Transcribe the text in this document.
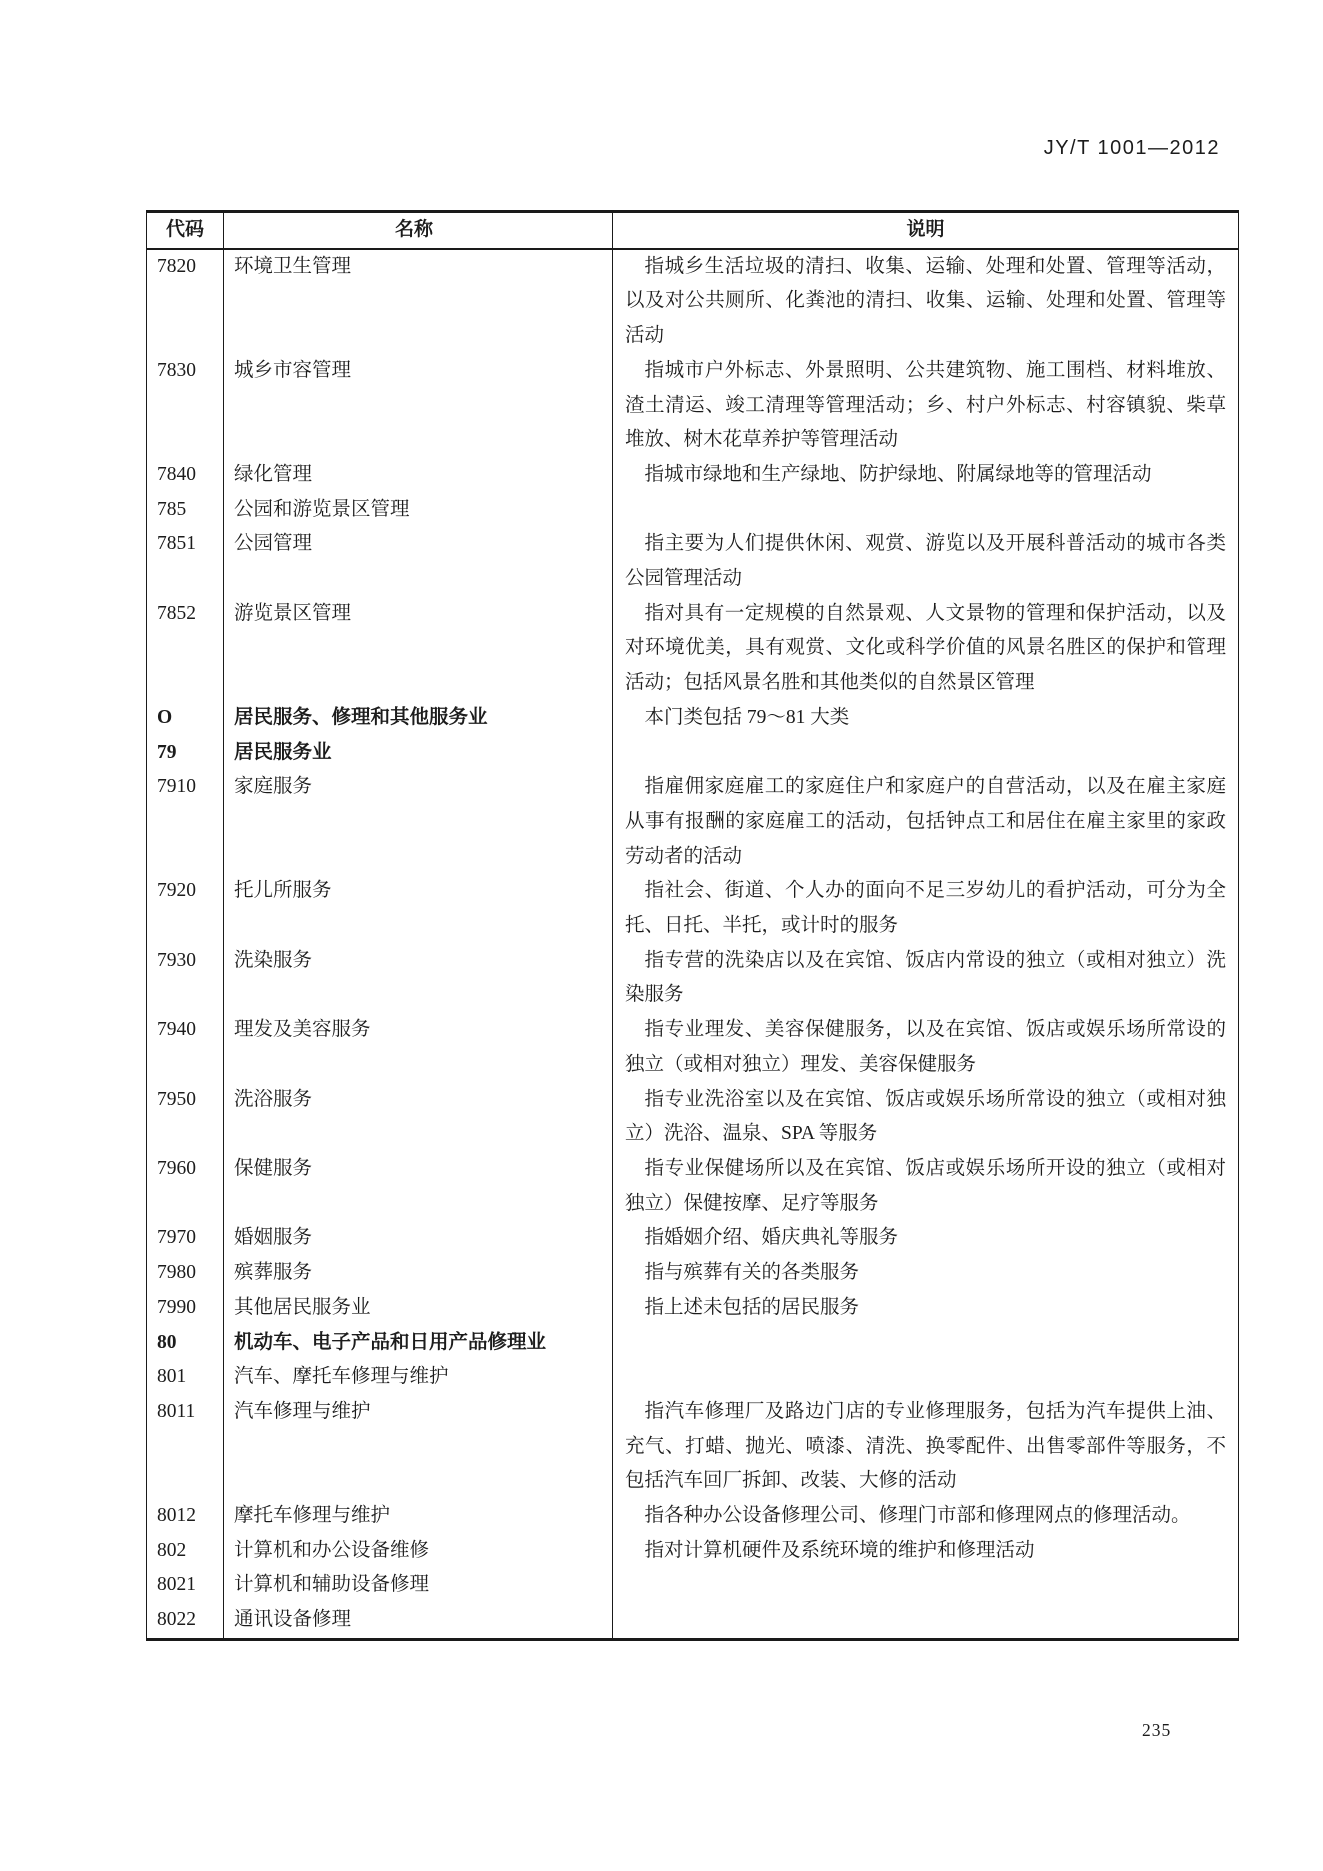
JY/T 1001—2012
代码	名称	说明
7820	环境卫生管理	指城乡生活垃圾的清扫、收集、运输、处理和处置、管理等活动，以及对公共厕所、化粪池的清扫、收集、运输、处理和处置、管理等活动
7830	城乡市容管理	指城市户外标志、外景照明、公共建筑物、施工围档、材料堆放、渣土清运、竣工清理等管理活动；乡、村户外标志、村容镇貌、柴草堆放、树木花草养护等管理活动
7840	绿化管理	指城市绿地和生产绿地、防护绿地、附属绿地等的管理活动
785	公园和游览景区管理
7851	公园管理	指主要为人们提供休闲、观赏、游览以及开展科普活动的城市各类公园管理活动
7852	游览景区管理	指对具有一定规模的自然景观、人文景物的管理和保护活动，以及对环境优美，具有观赏、文化或科学价值的风景名胜区的保护和管理活动；包括风景名胜和其他类似的自然景区管理
O	居民服务、修理和其他服务业	本门类包括 79～81 大类
79	居民服务业
7910	家庭服务	指雇佣家庭雇工的家庭住户和家庭户的自营活动，以及在雇主家庭从事有报酬的家庭雇工的活动，包括钟点工和居住在雇主家里的家政劳动者的活动
7920	托儿所服务	指社会、街道、个人办的面向不足三岁幼儿的看护活动，可分为全托、日托、半托，或计时的服务
7930	洗染服务	指专营的洗染店以及在宾馆、饭店内常设的独立（或相对独立）洗染服务
7940	理发及美容服务	指专业理发、美容保健服务，以及在宾馆、饭店或娱乐场所常设的独立（或相对独立）理发、美容保健服务
7950	洗浴服务	指专业洗浴室以及在宾馆、饭店或娱乐场所常设的独立（或相对独立）洗浴、温泉、SPA 等服务
7960	保健服务	指专业保健场所以及在宾馆、饭店或娱乐场所开设的独立（或相对独立）保健按摩、足疗等服务
7970	婚姻服务	指婚姻介绍、婚庆典礼等服务
7980	殡葬服务	指与殡葬有关的各类服务
7990	其他居民服务业	指上述未包括的居民服务
80	机动车、电子产品和日用产品修理业
801	汽车、摩托车修理与维护
8011	汽车修理与维护	指汽车修理厂及路边门店的专业修理服务，包括为汽车提供上油、充气、打蜡、抛光、喷漆、清洗、换零配件、出售零部件等服务，不包括汽车回厂拆卸、改装、大修的活动
8012	摩托车修理与维护	指各种办公设备修理公司、修理门市部和修理网点的修理活动。
802	计算机和办公设备维修	指对计算机硬件及系统环境的维护和修理活动
8021	计算机和辅助设备修理
8022	通讯设备修理
235
